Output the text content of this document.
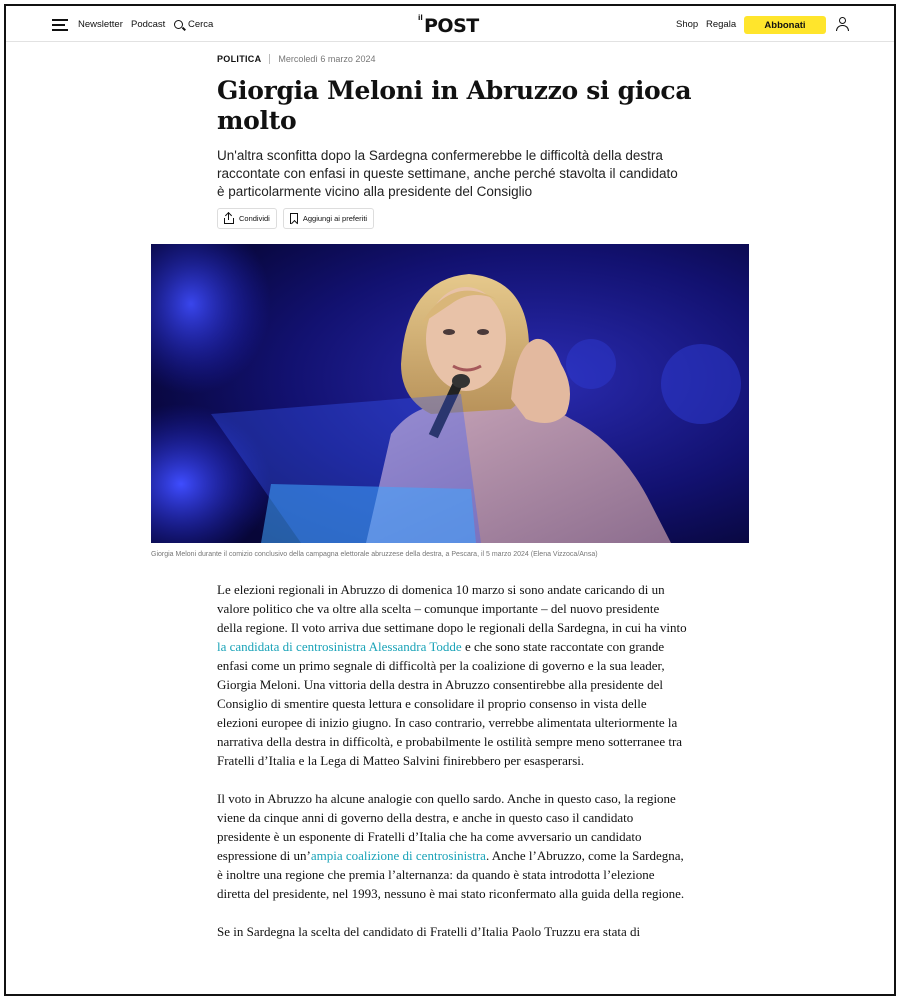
Newsletter Podcast Cerca
il POST	Shop Regala	Abbonati
POLITICA Mercoledì 6 marzo 2024
Giorgia Meloni in Abruzzo si gioca molto

Un'altra sconfitta dopo la Sardegna confermerebbe le difficoltà della destra raccontate con enfasi in queste settimane, anche perché stavolta il candidato è particolarmente vicino alla presidente del Consiglio

Condividi	Aggiungi ai preferiti
Giorgia Meloni durante il comizio conclusivo della campagna elettorale abruzzese della destra, a Pescara, il 5 marzo 2024 (Elena Vizzoca/Ansa)

Le elezioni regionali in Abruzzo di domenica 10 marzo si sono andate caricando di un valore politico che va oltre alla scelta – comunque importante – del nuovo presidente della regione. Il voto arriva due settimane dopo le regionali della Sardegna, in cui ha vinto la candidata di centrosinistra Alessandra Todde e che sono state raccontate con grande enfasi come un primo segnale di difficoltà per la coalizione di governo e la sua leader, Giorgia Meloni. Una vittoria della destra in Abruzzo consentirebbe alla presidente del Consiglio di smentire questa lettura e consolidare il proprio consenso in vista delle elezioni europee di inizio giugno. In caso contrario, verrebbe alimentata ulteriormente la narrativa della destra in difficoltà, e probabilmente le ostilità sempre meno sotterranee tra Fratelli d’Italia e la Lega di Matteo Salvini finirebbero per esasperarsi.

Il voto in Abruzzo ha alcune analogie con quello sardo. Anche in questo caso, la regione viene da cinque anni di governo della destra, e anche in questo caso il candidato presidente è un esponente di Fratelli d’Italia che ha come avversario un candidato espressione di un’ampia coalizione di centrosinistra. Anche l’Abruzzo, come la Sardegna, è inoltre una regione che premia l’alternanza: da quando è stata introdotta l’elezione diretta del presidente, nel 1993, nessuno è mai stato riconfermato alla guida della regione.

Se in Sardegna la scelta del candidato di Fratelli d’Italia Paolo Truzzu era stata di
